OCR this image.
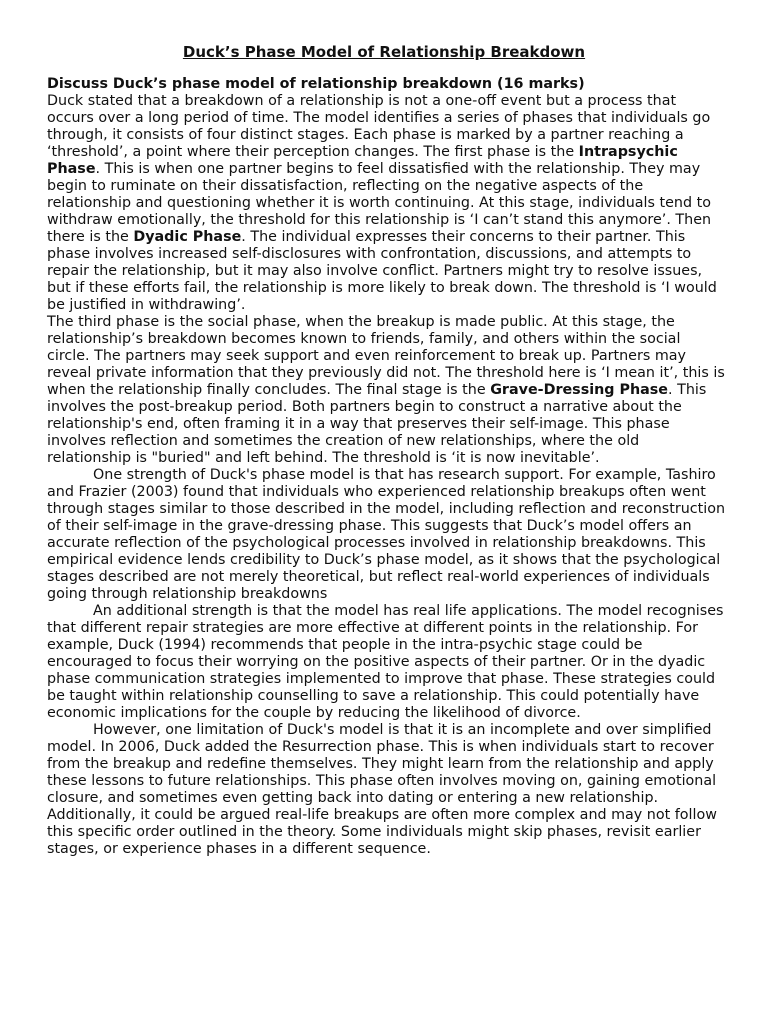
Duck’s Phase Model of Relationship Breakdown
Discuss Duck’s phase model of relationship breakdown (16 marks)

Duck stated that a breakdown of a relationship is not a one-off event but a process that occurs over a long period of time. The model identifies a series of phases that individuals go through, it consists of four distinct stages. Each phase is marked by a partner reaching a ‘threshold’, a point where their perception changes. The first phase is the Intrapsychic Phase. This is when one partner begins to feel dissatisfied with the relationship. They may begin to ruminate on their dissatisfaction, reflecting on the negative aspects of the relationship and questioning whether it is worth continuing. At this stage, individuals tend to withdraw emotionally, the threshold for this relationship is ‘I can’t stand this anymore’. Then there is the Dyadic Phase. The individual expresses their concerns to their partner. This phase involves increased self-disclosures with confrontation, discussions, and attempts to repair the relationship, but it may also involve conflict. Partners might try to resolve issues, but if these efforts fail, the relationship is more likely to break down. The threshold is ‘I would be justified in withdrawing’.

The third phase is the social phase, when the breakup is made public. At this stage, the relationship’s breakdown becomes known to friends, family, and others within the social circle. The partners may seek support and even reinforcement to break up. Partners may reveal private information that they previously did not. The threshold here is ‘I mean it’, this is when the relationship finally concludes. The final stage is the Grave-Dressing Phase. This involves the post-breakup period. Both partners begin to construct a narrative about the relationship's end, often framing it in a way that preserves their self-image. This phase involves reflection and sometimes the creation of new relationships, where the old relationship is "buried" and left behind. The threshold is ‘it is now inevitable’.

One strength of Duck's phase model is that has research support. For example, Tashiro and Frazier (2003) found that individuals who experienced relationship breakups often went through stages similar to those described in the model, including reflection and reconstruction of their self-image in the grave-dressing phase. This suggests that Duck’s model offers an accurate reflection of the psychological processes involved in relationship breakdowns. This empirical evidence lends credibility to Duck’s phase model, as it shows that the psychological stages described are not merely theoretical, but reflect real-world experiences of individuals going through relationship breakdowns

An additional strength is that the model has real life applications. The model recognises that different repair strategies are more effective at different points in the relationship. For example, Duck (1994) recommends that people in the intra-psychic stage could be encouraged to focus their worrying on the positive aspects of their partner. Or in the dyadic phase communication strategies implemented to improve that phase. These strategies could be taught within relationship counselling to save a relationship. This could potentially have economic implications for the couple by reducing the likelihood of divorce.

However, one limitation of Duck's model is that it is an incomplete and over simplified model. In 2006, Duck added the Resurrection phase. This is when individuals start to recover from the breakup and redefine themselves. They might learn from the relationship and apply these lessons to future relationships. This phase often involves moving on, gaining emotional closure, and sometimes even getting back into dating or entering a new relationship. Additionally, it could be argued real-life breakups are often more complex and may not follow this specific order outlined in the theory. Some individuals might skip phases, revisit earlier stages, or experience phases in a different sequence.
